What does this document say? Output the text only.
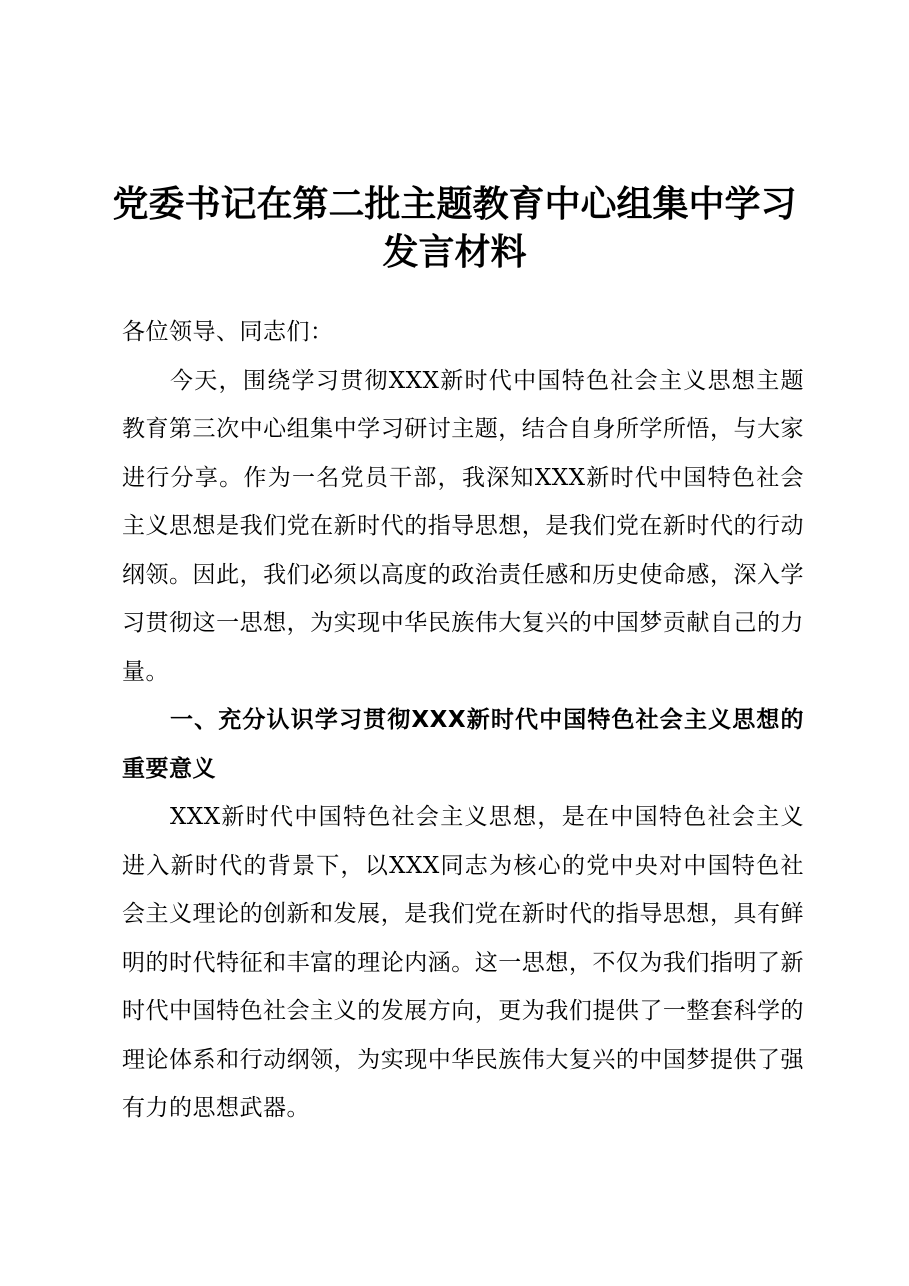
党委书记在第二批主题教育中心组集中学习发言材料

各位领导、同志们：

今天，围绕学习贯彻XXX新时代中国特色社会主义思想主题教育第三次中心组集中学习研讨主题，结合自身所学所悟，与大家进行分享。作为一名党员干部，我深知XXX新时代中国特色社会主义思想是我们党在新时代的指导思想，是我们党在新时代的行动纲领。因此，我们必须以高度的政治责任感和历史使命感，深入学习贯彻这一思想，为实现中华民族伟大复兴的中国梦贡献自己的力量。

一、充分认识学习贯彻XXX新时代中国特色社会主义思想的重要意义

XXX新时代中国特色社会主义思想，是在中国特色社会主义进入新时代的背景下，以XXX同志为核心的党中央对中国特色社会主义理论的创新和发展，是我们党在新时代的指导思想，具有鲜明的时代特征和丰富的理论内涵。这一思想，不仅为我们指明了新时代中国特色社会主义的发展方向，更为我们提供了一整套科学的理论体系和行动纲领，为实现中华民族伟大复兴的中国梦提供了强有力的思想武器。
